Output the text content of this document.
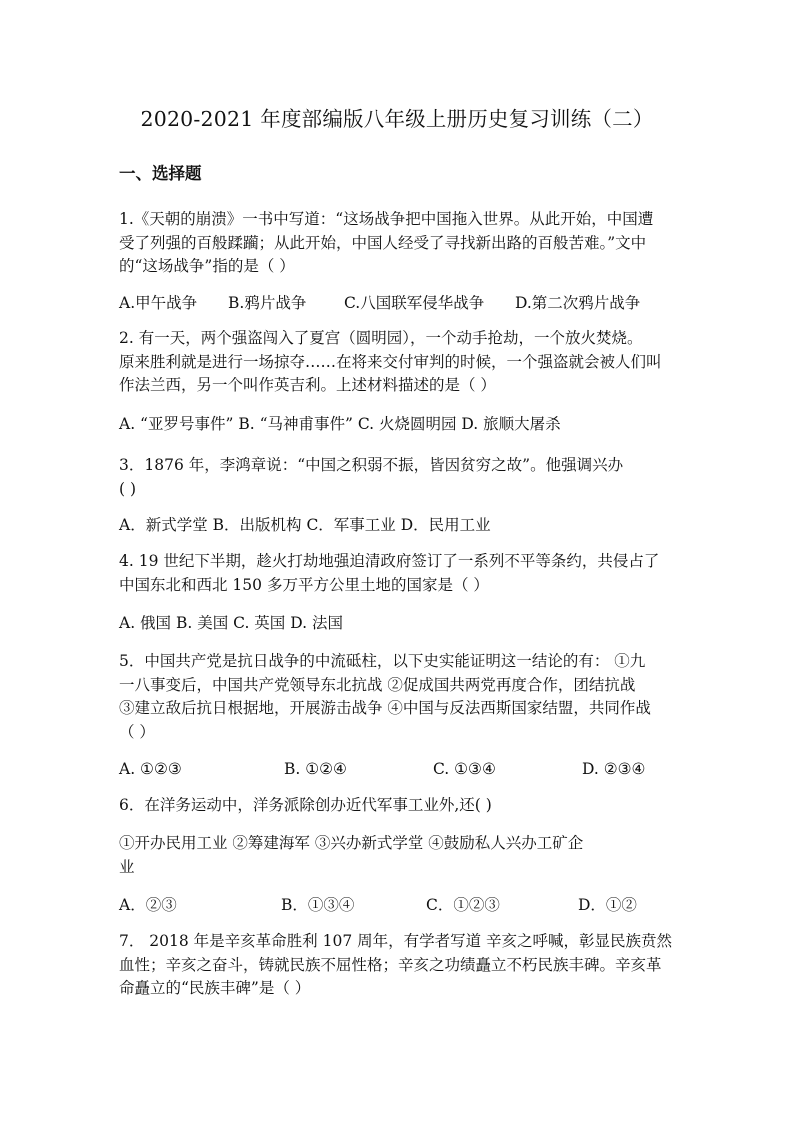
2020-2021 年度部编版八年级上册历史复习训练（二）
一、选择题
1.《天朝的崩溃》一书中写道：“这场战争把中国拖入世界。从此开始，中国遭
受了列强的百般蹂躏；从此开始，中国人经受了寻找新出路的百般苦难。”文中
的“这场战争”指的是（ ）
A.甲午战争 B.鸦片战争 C.八国联军侵华战争 D.第二次鸦片战争
2. 有一天，两个强盗闯入了夏宫（圆明园），一个动手抢劫，一个放火焚烧。
原来胜利就是进行一场掠夺……在将来交付审判的时候，一个强盗就会被人们叫
作法兰西，另一个叫作英吉利。上述材料描述的是（ ）
A. “亚罗号事件” B. “马神甫事件” C. 火烧圆明园 D. 旅顺大屠杀
3．1876 年，李鸿章说：“中国之积弱不振，皆因贫穷之故”。他强调兴办
( )
A．新式学堂 B．出版机构 C．军事工业 D．民用工业
4. 19 世纪下半期，趁火打劫地强迫清政府签订了一系列不平等条约，共侵占了
中国东北和西北 150 多万平方公里土地的国家是（ ）
A. 俄国 B. 美国 C. 英国 D. 法国
5．中国共产党是抗日战争的中流砥柱，以下史实能证明这一结论的有： ①九
一八事变后，中国共产党领导东北抗战 ②促成国共两党再度合作，团结抗战
③建立敌后抗日根据地，开展游击战争 ④中国与反法西斯国家结盟，共同作战
（ ）
A. ①②③	B. ①②④	C. ①③④	D. ②③④
6．在洋务运动中，洋务派除创办近代军事工业外,还( )
①开办民用工业 ②筹建海军 ③兴办新式学堂 ④鼓励私人兴办工矿企
业
A．②③	B．①③④	C．①②③	D．①②
7． 2018 年是辛亥革命胜利 107 周年，有学者写道 辛亥之呼喊，彰显民族贲然
血性；辛亥之奋斗，铸就民族不屈性格；辛亥之功绩矗立不朽民族丰碑。辛亥革
命矗立的“民族丰碑”是（ ）
